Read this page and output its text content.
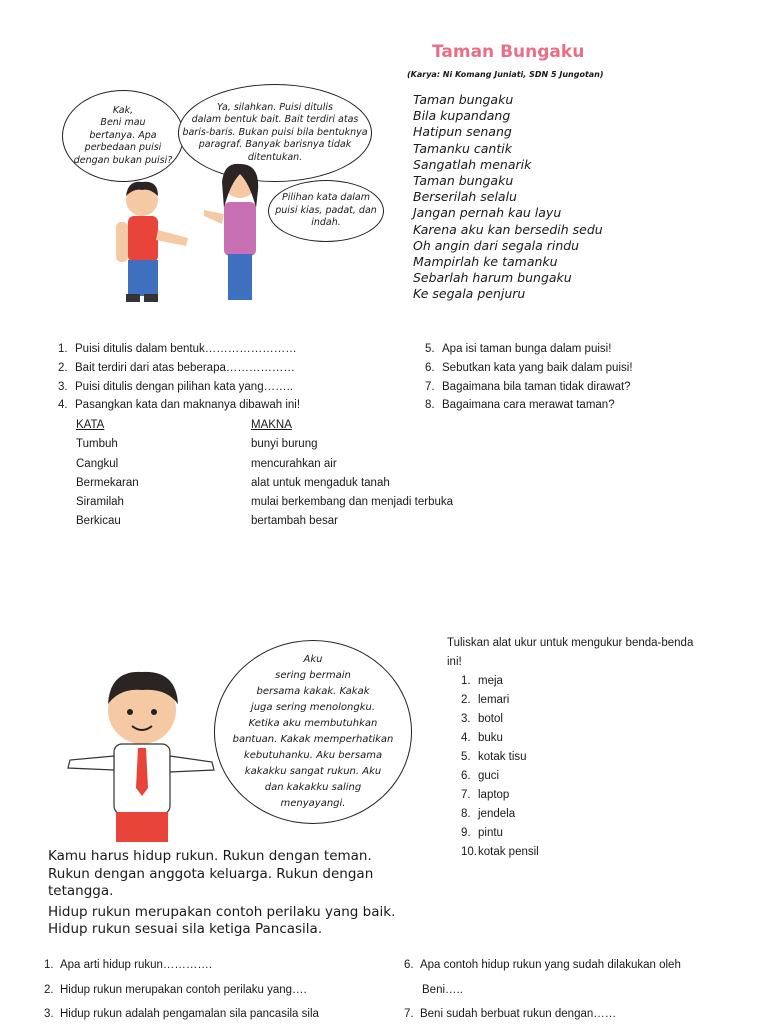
Kak,
Beni mau
bertanya. Apa
perbedaan puisi
dengan bukan puisi?
Ya, silahkan. Puisi ditulis
dalam bentuk bait. Bait terdiri atas
baris-baris. Bukan puisi bila bentuknya
paragraf. Banyak barisnya tidak
ditentukan.
Pilihan kata dalam
puisi kias, padat, dan
indah.
Taman Bungaku
(Karya: Ni Komang Juniati, SDN 5 Jungotan)
Taman bungaku
Bila kupandang
Hatipun senang
Tamanku cantik
Sangatlah menarik
Taman bungaku
Berserilah selalu
Jangan pernah kau layu
Karena aku kan bersedih sedu
Oh angin dari segala rindu
Mampirlah ke tamanku
Sebarlah harum bungaku
Ke segala penjuru
1. Puisi ditulis dalam bentuk……………………
2. Bait terdiri dari atas beberapa………………
3. Puisi ditulis dengan pilihan kata yang……..
4. Pasangkan kata dan maknanya dibawah ini!
5. Apa isi taman bunga dalam puisi!
6. Sebutkan kata yang baik dalam puisi!
7. Bagaimana bila taman tidak dirawat?
8. Bagaimana cara merawat taman?
KATA	MAKNA
Tumbuh	bunyi burung
Cangkul	mencurahkan air
Bermekaran	alat untuk mengaduk tanah
Siramilah	mulai berkembang dan menjadi terbuka
Berkicau	bertambah besar
Aku
sering bermain
bersama kakak. Kakak
juga sering menolongku.
Ketika aku membutuhkan
bantuan. Kakak memperhatikan
kebutuhanku. Aku bersama
kakakku sangat rukun. Aku
dan kakakku saling
menyayangi.
Tuliskan alat ukur untuk mengukur benda-benda
ini!
1. meja
2. lemari
3. botol
4. buku
5. kotak tisu
6. guci
7. laptop
8. jendela
9. pintu
10.kotak pensil

Kamu harus hidup rukun. Rukun dengan teman.
Rukun dengan anggota keluarga. Rukun dengan
tetangga.

Hidup rukun merupakan contoh perilaku yang baik.
Hidup rukun sesuai sila ketiga Pancasila.

1. Apa arti hidup rukun………….
2. Hidup rukun merupakan contoh perilaku yang….
3. Hidup rukun adalah pengamalan sila pancasila sila
6. Apa contoh hidup rukun yang sudah dilakukan oleh
Beni…..
7. Beni sudah berbuat rukun dengan……
